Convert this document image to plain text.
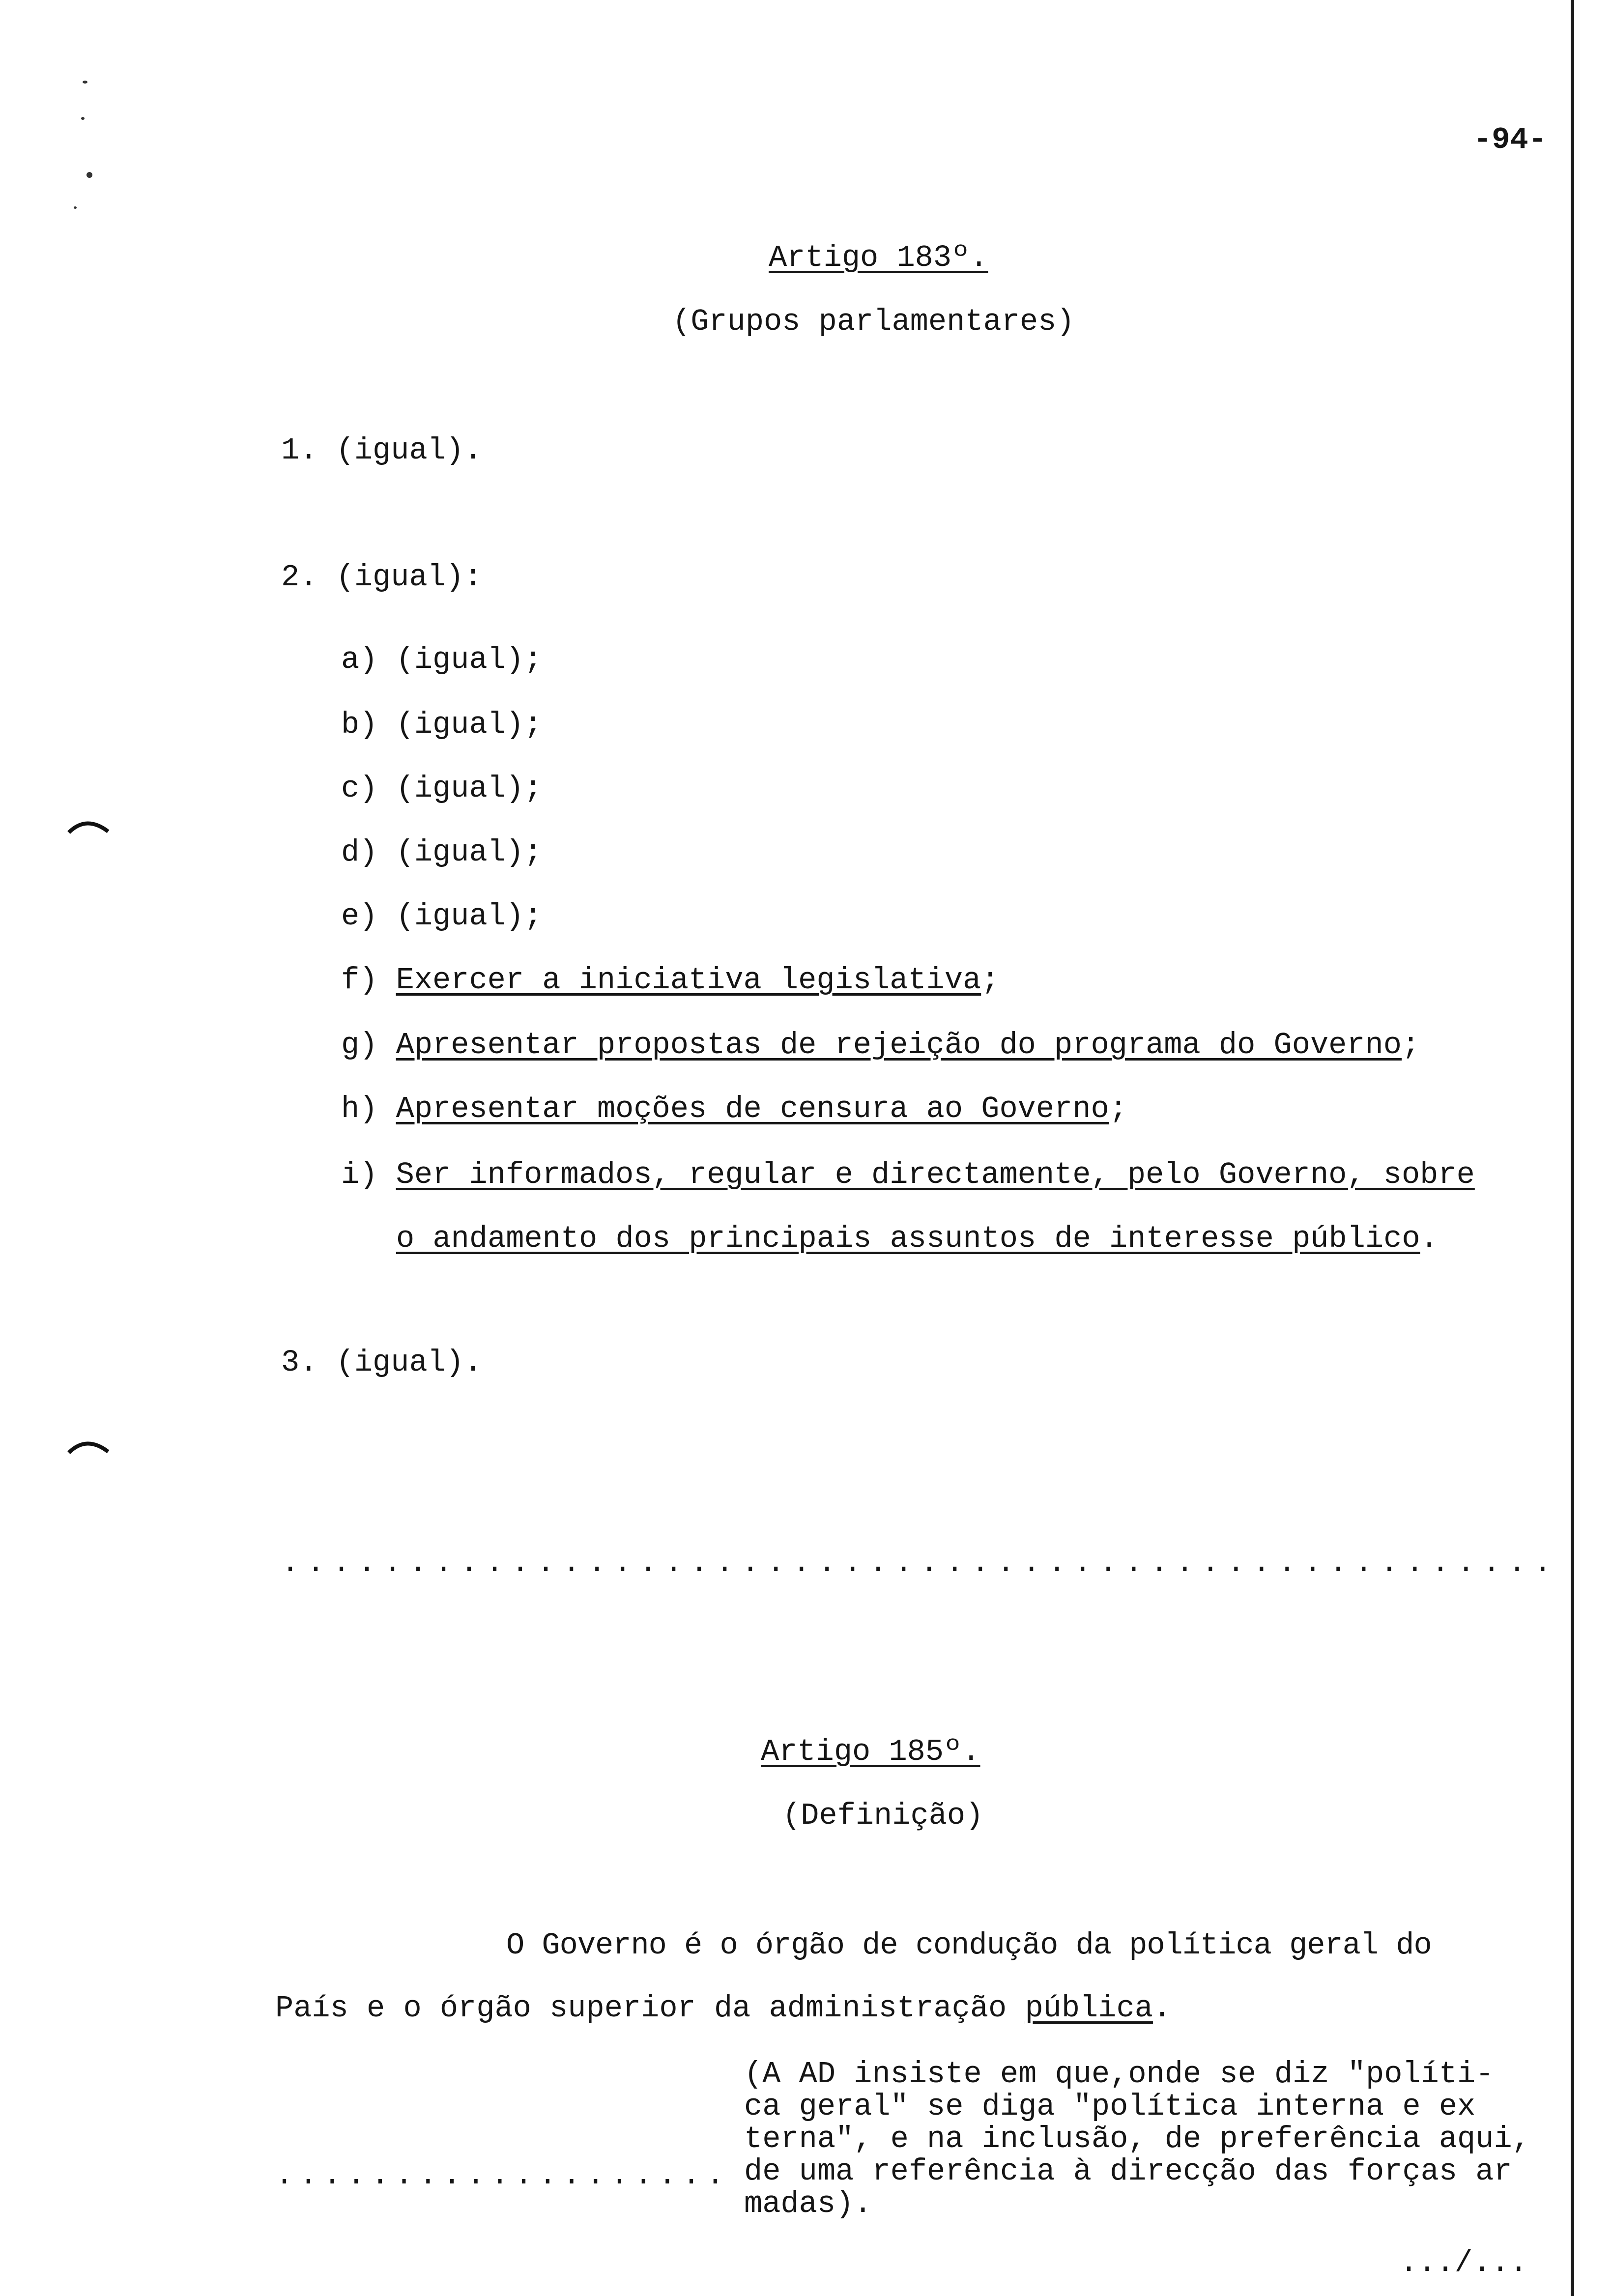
-94-
Artigo 183º.
(Grupos parlamentares)
1. (igual).
2. (igual):
a) (igual);
b) (igual);
c) (igual);
d) (igual);
e) (igual);
f) Exercer a iniciativa legislativa;
g) Apresentar propostas de rejeição do programa do Governo;
h) Apresentar moções de censura ao Governo;
i) Ser informados, regular e directamente, pelo Governo, sobre
o andamento dos principais assuntos de interesse público.
3. (igual).
..................................................
Artigo 185º.
(Definição)
O Governo é o órgão de condução da política geral do
País e o órgão superior da administração pública.
(A AD insiste em que,onde se diz "políti-
ca geral" se diga "política interna e ex
terna", e na inclusão, de preferência aqui,
de uma referência à direcção das forças ar
madas).
...................
.../...
